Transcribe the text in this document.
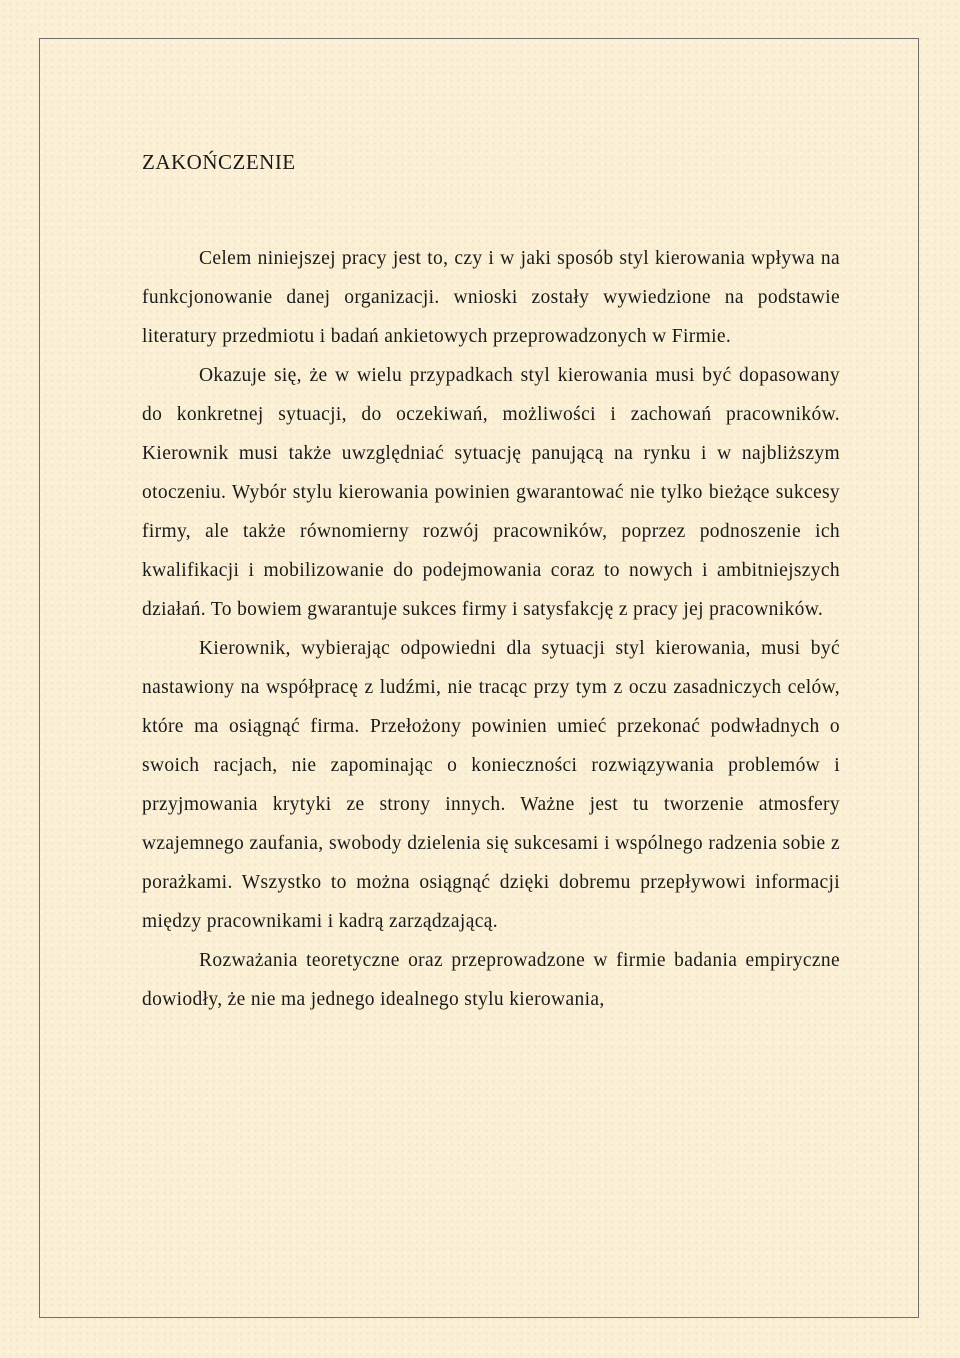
ZAKOŃCZENIE

Celem niniejszej pracy jest to, czy i w jaki sposób styl kierowania wpływa na funkcjonowanie danej organizacji. wnioski zostały wywiedzione na podstawie literatury przedmiotu i badań ankietowych przeprowadzonych w Firmie.

Okazuje się, że w wielu przypadkach styl kierowania musi być dopasowany do konkretnej sytuacji, do oczekiwań, możliwości i zachowań pracowników. Kierownik musi także uwzględniać sytuację panującą na rynku i w najbliższym otoczeniu. Wybór stylu kierowania powinien gwarantować nie tylko bieżące sukcesy firmy, ale także równomierny rozwój pracowników, poprzez podnoszenie ich kwalifikacji i mobilizowanie do podejmowania coraz to nowych i ambitniejszych działań. To bowiem gwarantuje sukces firmy i satysfakcję z pracy jej pracowników.

Kierownik, wybierając odpowiedni dla sytuacji styl kierowania, musi być nastawiony na współpracę z ludźmi, nie tracąc przy tym z oczu zasadniczych celów, które ma osiągnąć firma. Przełożony powinien umieć przekonać podwładnych o swoich racjach, nie zapominając o konieczności rozwiązywania problemów i przyjmowania krytyki ze strony innych. Ważne jest tu tworzenie atmosfery wzajemnego zaufania, swobody dzielenia się sukcesami i wspólnego radzenia sobie z porażkami. Wszystko to można osiągnąć dzięki dobremu przepływowi informacji między pracownikami i kadrą zarządzającą.

Rozważania teoretyczne oraz przeprowadzone w firmie badania empiryczne dowiodły, że nie ma jednego idealnego stylu kierowania,
